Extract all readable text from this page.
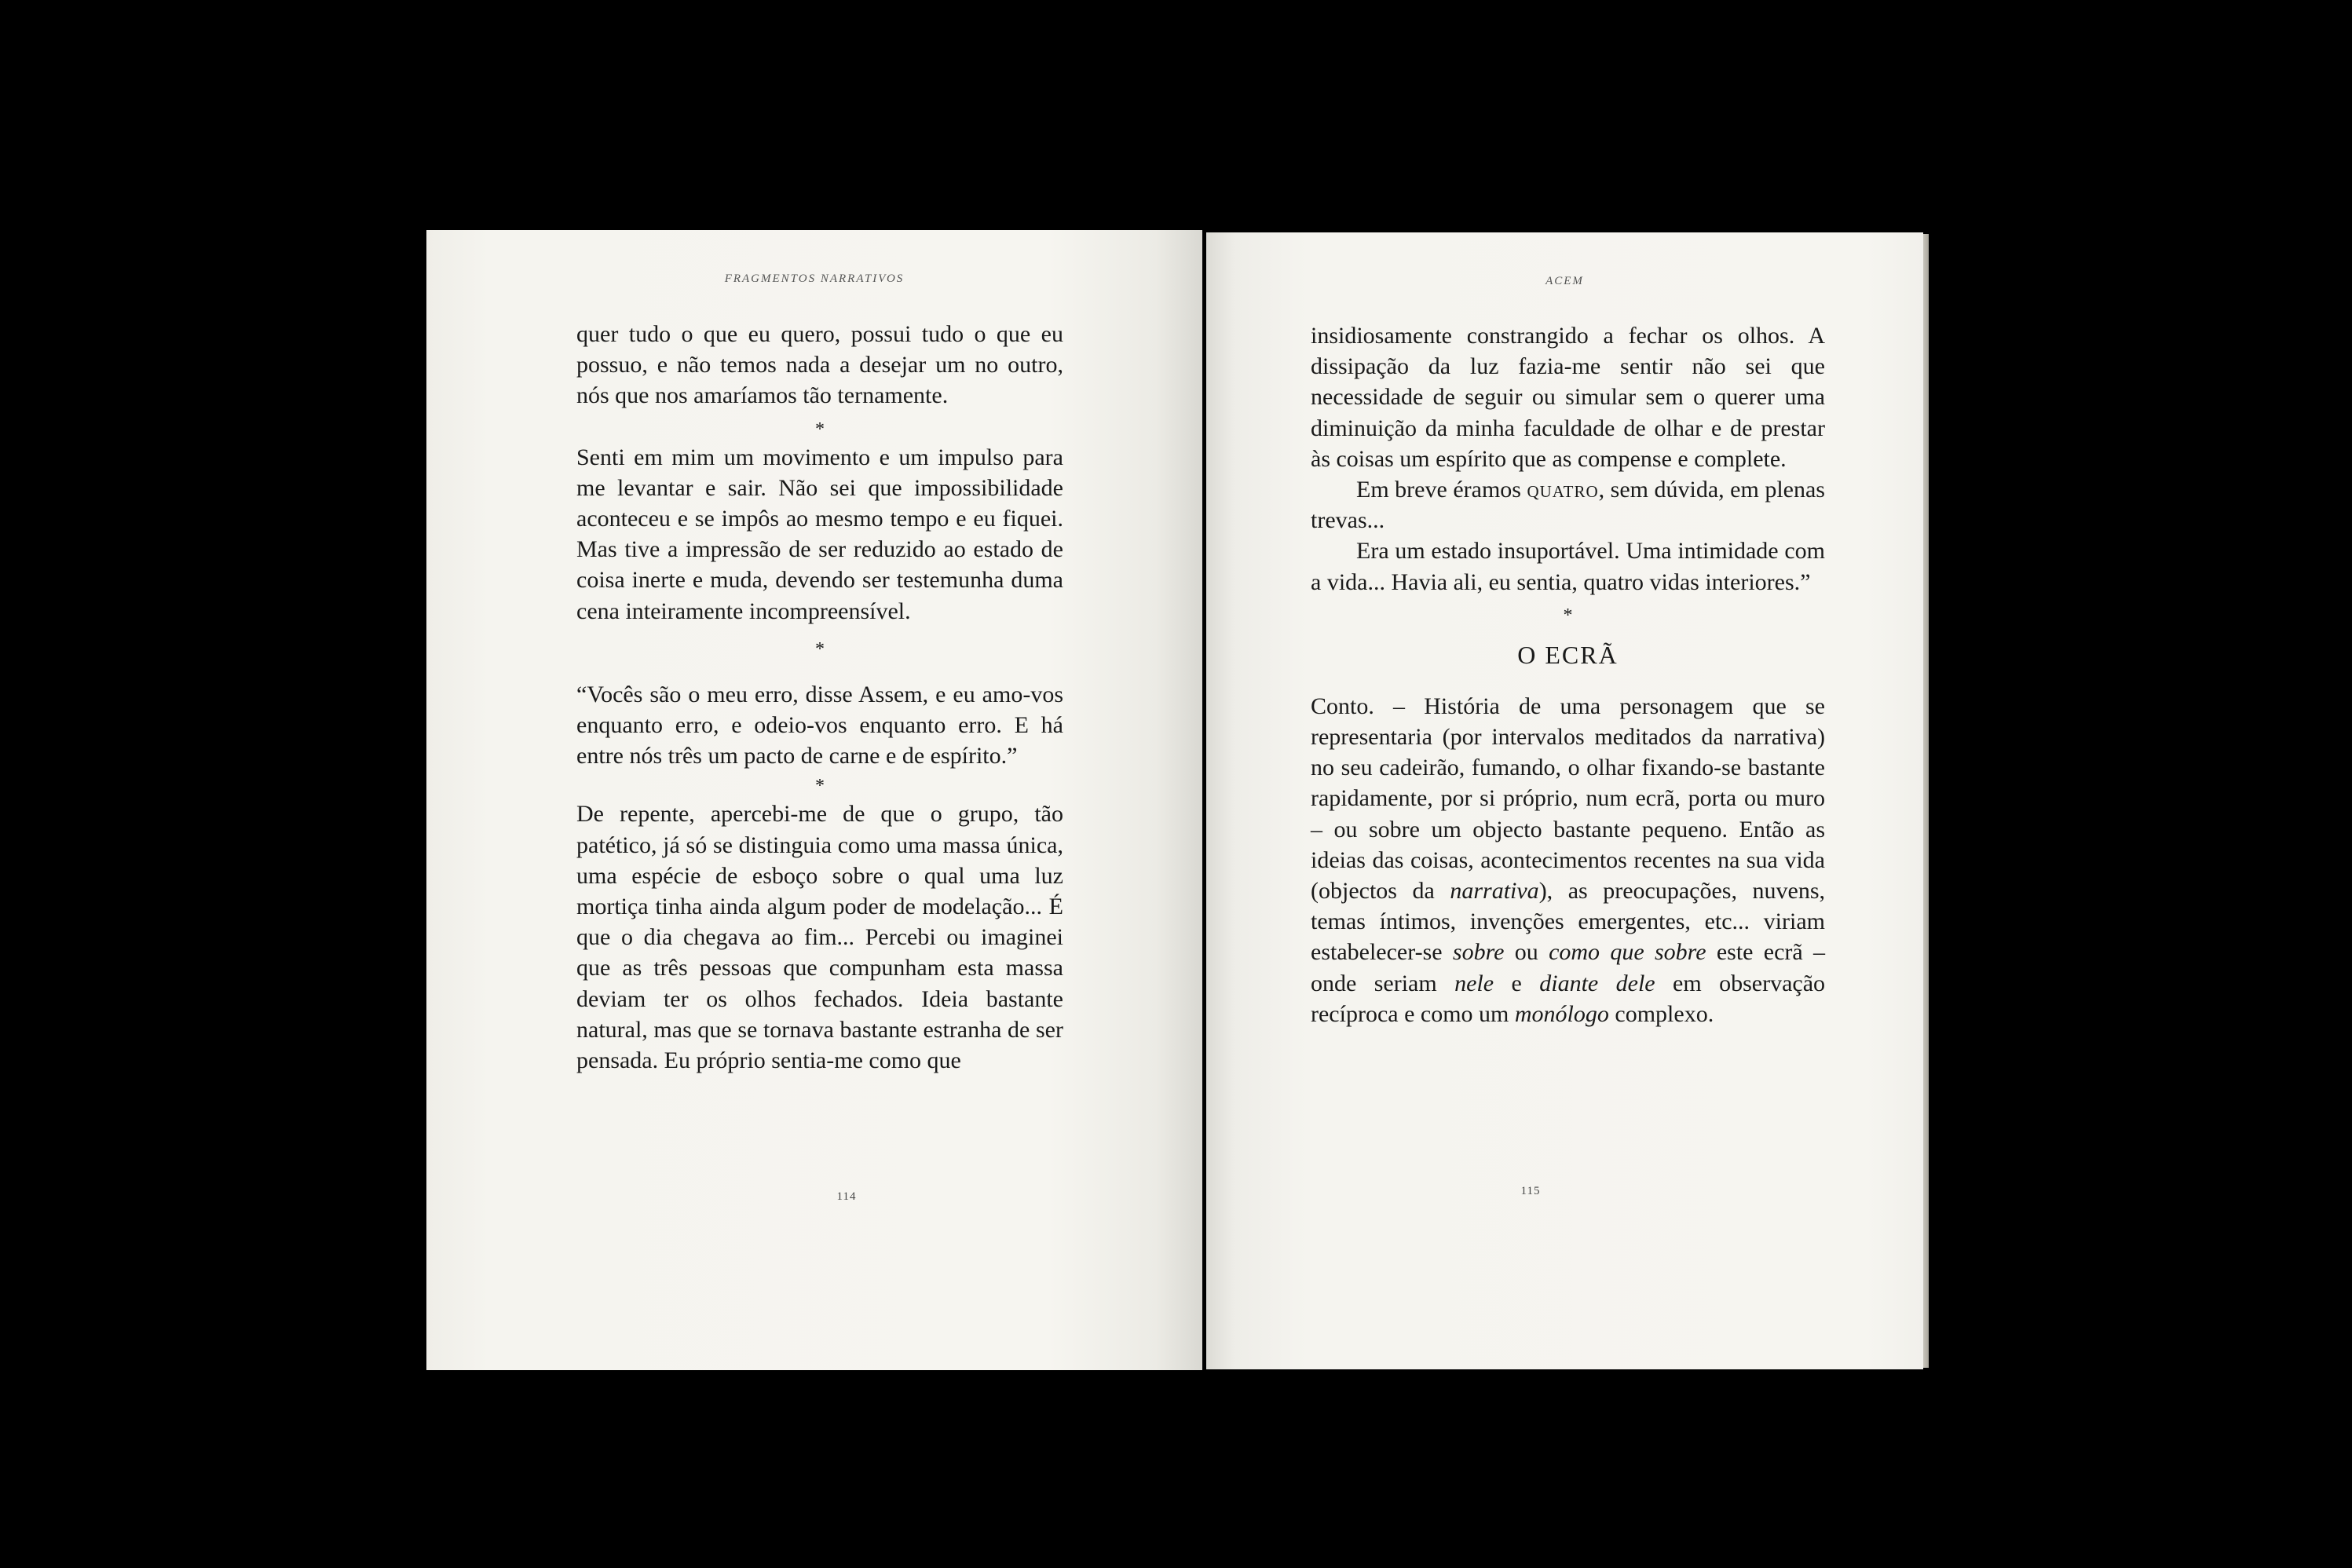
FRAGMENTOS NARRATIVOS

quer tudo o que eu quero, possui tudo o que eu possuo, e não temos nada a desejar um no outro, nós que nos amaríamos tão ternamente.

*

Senti em mim um movimento e um impulso para me levantar e sair. Não sei que impossibilidade aconteceu e se impôs ao mesmo tempo e eu fiquei. Mas tive a impressão de ser reduzido ao estado de coisa inerte e muda, devendo ser testemunha duma cena inteiramente incompreensível.

*

“Vocês são o meu erro, disse Assem, e eu amo-vos enquanto erro, e odeio-vos enquanto erro. E há entre nós três um pacto de carne e de espírito.”

*

De repente, apercebi-me de que o grupo, tão patético, já só se distinguia como uma massa única, uma espécie de esboço sobre o qual uma luz mortiça tinha ainda algum poder de modelação... É que o dia chegava ao fim... Percebi ou imaginei que as três pessoas que compunham esta massa deviam ter os olhos fechados. Ideia bastante natural, mas que se tornava bastante estranha de ser pensada. Eu próprio sentia-me como que

114
ACEM

insidiosamente constrangido a fechar os olhos. A dissipação da luz fazia-me sentir não sei que necessidade de seguir ou simular sem o querer uma diminuição da minha faculdade de olhar e de prestar às coisas um espírito que as compense e complete.

Em breve éramos quatro, sem dúvida, em plenas trevas...

Era um estado insuportável. Uma intimidade com a vida... Havia ali, eu sentia, quatro vidas interiores.”

*

O ECRÃ

Conto. – História de uma personagem que se representaria (por intervalos meditados da narrativa) no seu cadeirão, fumando, o olhar fixando-se bastante rapidamente, por si próprio, num ecrã, porta ou muro – ou sobre um objecto bastante pequeno. Então as ideias das coisas, acontecimentos recentes na sua vida (objectos da narrativa), as preocupações, nuvens, temas íntimos, invenções emergentes, etc... viriam estabelecer-se sobre ou como que sobre este ecrã – onde seriam nele e diante dele em observação recíproca e como um monólogo complexo.

115
